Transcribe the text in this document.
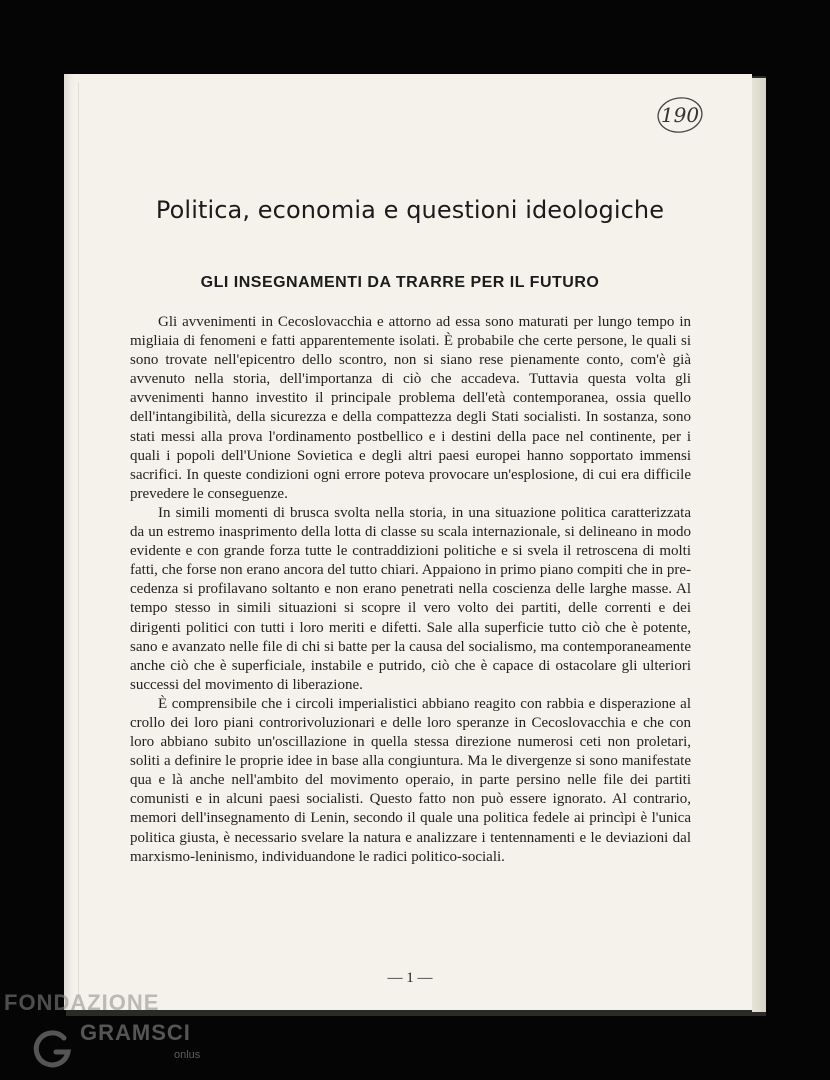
190
Politica, economia e questioni ideologiche
GLI INSEGNAMENTI DA TRARRE PER IL FUTURO

Gli avvenimenti in Cecoslovacchia e attorno ad essa sono maturati per lungo tempo in migliaia di fenomeni e fatti apparentemente isolati. È probabile che certe persone, le quali si sono trovate nell'epicentro dello scontro, non si siano rese pienamente conto, com'è già avvenuto nella storia, dell'importanza di ciò che accadeva. Tuttavia questa volta gli avvenimenti hanno investito il principale problema dell'età contemporanea, ossia quello dell'intangibilità, della sicurezza e della compattezza degli Stati socialisti. In sostanza, sono stati messi alla prova l'ordinamento postbellico e i destini della pace nel continente, per i quali i popoli dell'Unione Sovietica e degli altri paesi europei hanno sopportato immensi sacrifici. In queste condizioni ogni errore poteva provocare un'esplosione, di cui era difficile prevedere le conseguenze.

In simili momenti di brusca svolta nella storia, in una situazione politica caratterizzata da un estremo inasprimento della lotta di classe su scala internazionale, si delineano in modo evidente e con grande forza tutte le contraddizioni politiche e si svela il retroscena di molti fatti, che forse non erano ancora del tutto chiari. Appaiono in primo piano compiti che in precedenza si profilavano soltanto e non erano penetrati nella coscienza delle larghe masse. Al tempo stesso in simili situazioni si scopre il vero volto dei partiti, delle correnti e dei dirigenti politici con tutti i loro meriti e difetti. Sale alla superficie tutto ciò che è potente, sano e avanzato nelle file di chi si batte per la causa del socialismo, ma contemporaneamente anche ciò che è superficiale, instabile e putrido, ciò che è capace di ostacolare gli ulteriori successi del movimento di liberazione.

È comprensibile che i circoli imperialistici abbiano reagito con rabbia e disperazione al crollo dei loro piani controrivoluzionari e delle loro speranze in Cecoslovacchia e che con loro abbiano subito un'oscillazione in quella stessa direzione numerosi ceti non proletari, soliti a definire le proprie idee in base alla congiuntura. Ma le divergenze si sono manifestate qua e là anche nell'ambito del movimento operaio, in parte persino nelle file dei partiti comunisti e in alcuni paesi socialisti. Questo fatto non può essere ignorato. Al contrario, memori dell'insegnamento di Lenin, secondo il quale una politica fedele ai princìpi è l'unica politica giusta, è necessario svelare la natura e analizzare i tentennamenti e le deviazioni dal marxismo-leninismo, individuandone le radici politico-sociali.

— 1 —
FONDAZIONE
GRAMSCI
onlus
